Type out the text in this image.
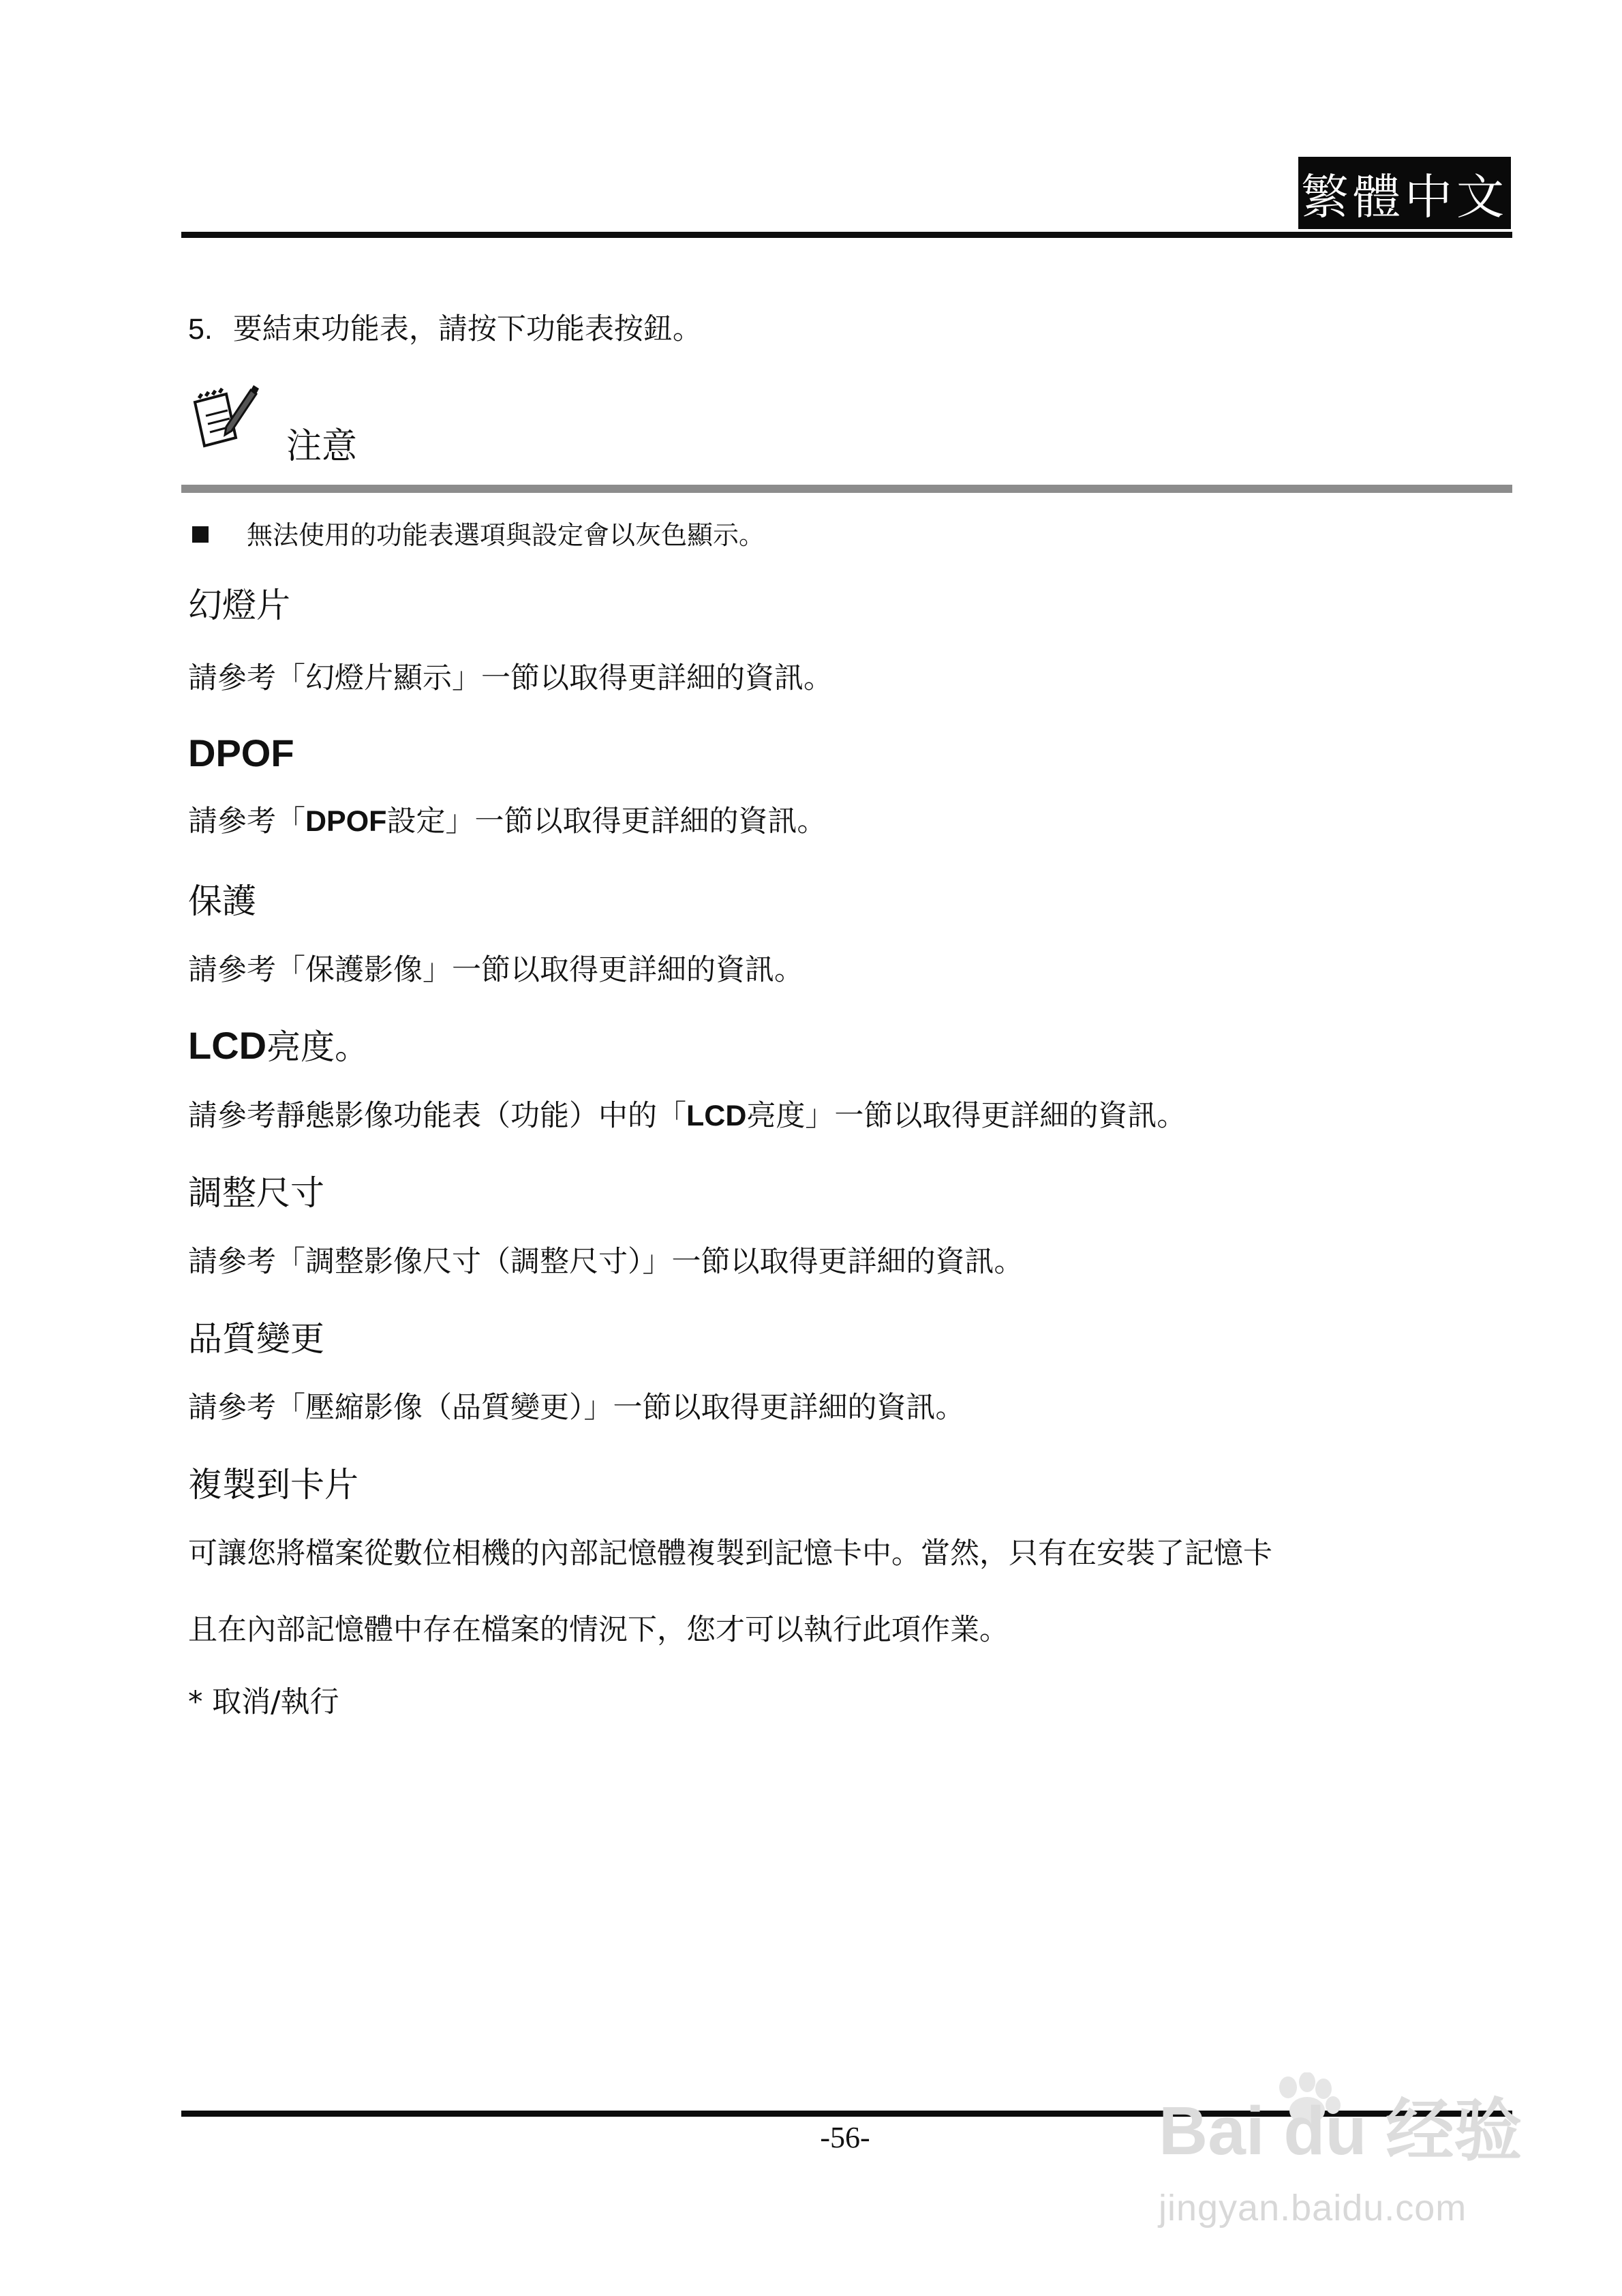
繁體中文
5. 要結束功能表，請按下功能表按鈕。
注意
無法使用的功能表選項與設定會以灰色顯示。
幻燈片
請參考「幻燈片顯示」一節以取得更詳細的資訊。
DPOF
請參考「DPOF設定」一節以取得更詳細的資訊。
保護
請參考「保護影像」一節以取得更詳細的資訊。
LCD亮度。
請參考靜態影像功能表（功能）中的「LCD亮度」一節以取得更詳細的資訊。
調整尺寸
請參考「調整影像尺寸（調整尺寸）」一節以取得更詳細的資訊。
品質變更
請參考「壓縮影像（品質變更）」一節以取得更詳細的資訊。
複製到卡片
可讓您將檔案從數位相機的內部記憶體複製到記憶卡中。當然，只有在安裝了記憶卡
且在內部記憶體中存在檔案的情況下，您才可以執行此項作業。
* 取消/執行
-56-	Bai du 经验
jingyan.baidu.com
